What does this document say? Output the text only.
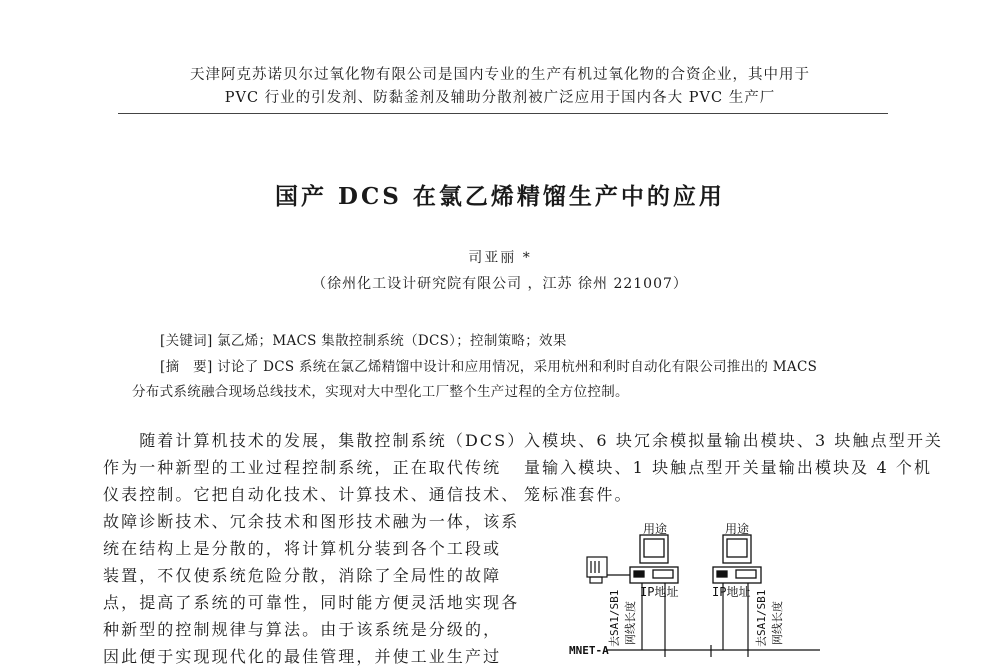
天津阿克苏诺贝尔过氧化物有限公司是国内专业的生产有机过氧化物的合资企业，其中用于
PVC 行业的引发剂、防黏釜剂及辅助分散剂被广泛应用于国内各大 PVC 生产厂
国产 DCS 在氯乙烯精馏生产中的应用
司亚丽 *
（徐州化工设计研究院有限公司 ，江苏 徐州 221007）
[关键词] 氯乙烯；MACS 集散控制系统（DCS）；控制策略；效果
[摘　要] 讨论了 DCS 系统在氯乙烯精馏中设计和应用情况，采用杭州和利时自动化有限公司推出的 MACS
分布式系统融合现场总线技术，实现对大中型化工厂整个生产过程的全方位控制。
　　随着计算机技术的发展，集散控制系统（DCS）
作为一种新型的工业过程控制系统，正在取代传统
仪表控制。它把自动化技术、计算技术、通信技术、
故障诊断技术、冗余技术和图形技术融为一体，该系
统在结构上是分散的，将计算机分装到各个工段或
装置，不仅使系统危险分散，消除了全局性的故障
点，提高了系统的可靠性，同时能方便灵活地实现各
种新型的控制规律与算法。由于该系统是分级的，
因此便于实现现代化的最佳管理，并使工业生产过
入模块、6 块冗余模拟量输出模块、3 块触点型开关
量输入模块、1 块触点型开关量输出模块及 4 个机
笼标准套件。
用途	用途
IP地址	IP地址
去SA1/SB1 网线长度	去SA1/SB1 网线长度
MNET-A
